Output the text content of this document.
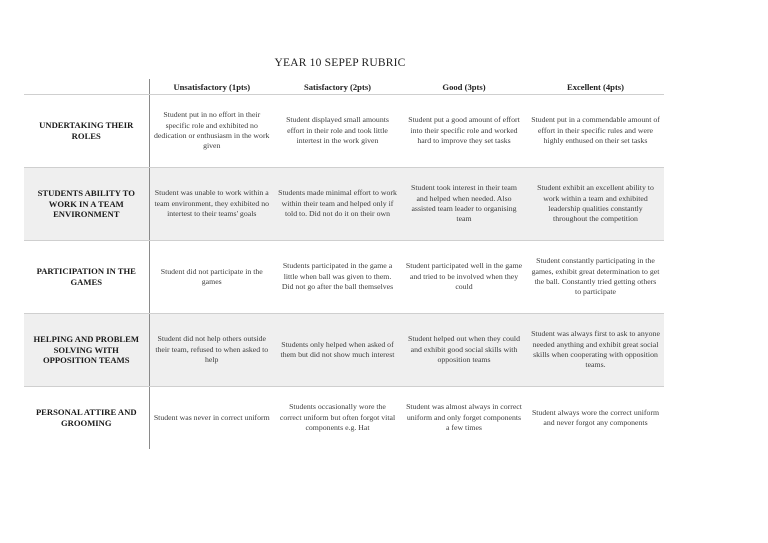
YEAR 10 SEPEP RUBRIC
	Unsatisfactory (1pts)	Satisfactory (2pts)	Good (3pts)	Excellent (4pts)
UNDERTAKING THEIR ROLES	Student put in no effort in their specific role and exhibited no dedication or enthusiasm in the work given	Student displayed small amounts effort in their role and took little intertest in the work given	Student put a good amount of effort into their specific role and worked hard to improve they set tasks	Student put in a commendable amount of effort in their specific rules and were highly enthused on their set tasks
STUDENTS ABILITY TO WORK IN A TEAM ENVIRONMENT	Student was unable to work within a team environment, they exhibited no intertest to their teams' goals	Students made minimal effort to work within their team and helped only if told to. Did not do it on their own	Student took interest in their team and helped when needed. Also assisted team leader to organising team	Student exhibit an excellent ability to work within a team and exhibited leadership qualities constantly throughout the competition
PARTICIPATION IN THE GAMES	Student did not participate in the games	Students participated in the game a little when ball was given to them. Did not go after the ball themselves	Student participated well in the game and tried to be involved when they could	Student constantly participating in the games, exhibit great determination to get the ball. Constantly tried getting others to participate
HELPING AND PROBLEM SOLVING WITH OPPOSITION TEAMS	Student did not help others outside their team, refused to when asked to help	Students only helped when asked of them but did not show much interest	Student helped out when they could and exhibit good social skills with opposition teams	Student was always first to ask to anyone needed anything and exhibit great social skills when cooperating with opposition teams.
PERSONAL ATTIRE AND GROOMING	Student was never in correct uniform	Students occasionally wore the correct uniform but often forgot vital components e.g. Hat	Student was almost always in correct uniform and only forget components a few times	Student always wore the correct uniform and never forgot any components
